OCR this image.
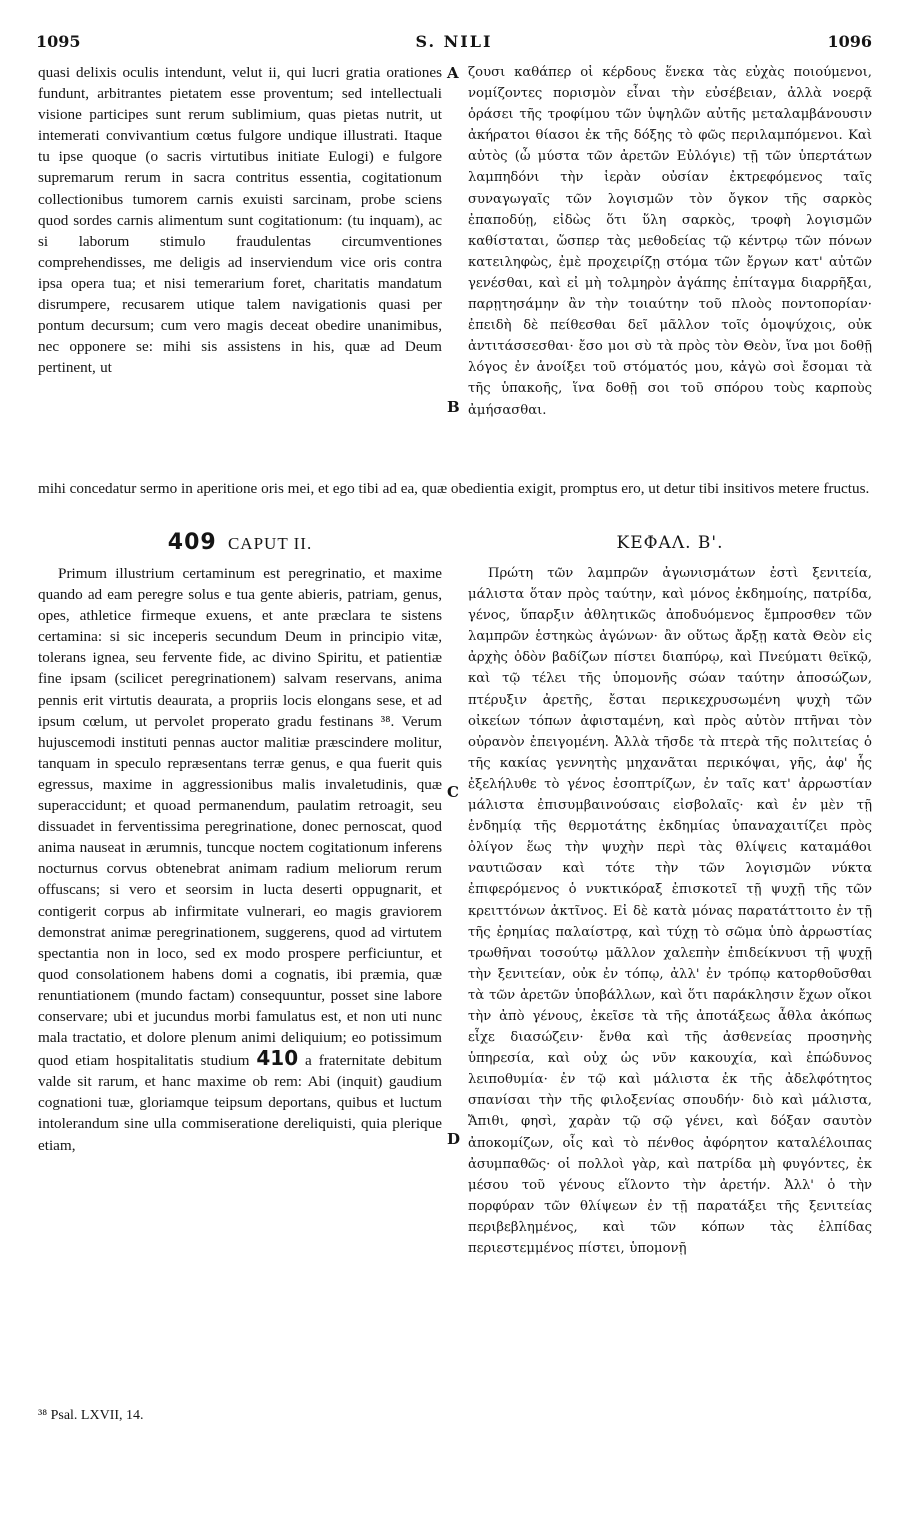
1095	S. NILI	1096

quasi delixis oculis intendunt, velut ii, qui lucri gratia orationes fundunt, arbitrantes pietatem esse proventum; sed intellectuali visione participes sunt rerum sublimium, quas pietas nutrit, ut intemerati convivantium cœtus fulgore undique illustrati. Itaque tu ipse quoque (o sacris virtutibus initiate Eulogi) e fulgore supremarum rerum in sacra contritus essentia, cogitationum collectionibus tumorem carnis exuisti sarcinam, probe sciens quod sordes carnis alimentum sunt cogitationum: (tu inquam), ac si laborum stimulo fraudulentas circumventiones comprehendisses, me deligis ad inserviendum vice oris contra ipsa opera tua; et nisi temerarium foret, charitatis mandatum disrumpere, recusarem utique talem navigationis quasi per pontum decursum; cum vero magis deceat obedire unanimibus, nec opponere se: mihi sis assistens in his, quæ ad Deum pertinent, ut

ζουσι καθάπερ οἱ κέρδους ἕνεκα τὰς εὐχὰς ποιούμενοι, νομίζοντες πορισμὸν εἶναι τὴν εὐσέβειαν, ἀλλὰ νοερᾷ ὁράσει τῆς τροφίμου τῶν ὑψηλῶν αὐτῆς μεταλαμβάνουσιν ἀκήρατοι θίασοι ἐκ τῆς δόξης τὸ φῶς περιλαμπόμενοι. Καὶ αὐτὸς (ὦ μύστα τῶν ἀρετῶν Εὐλόγιε) τῇ τῶν ὑπερτάτων λαμπηδόνι τὴν ἱερὰν οὐσίαν ἐκτρεφόμενος ταῖς συναγωγαῖς τῶν λογισμῶν τὸν ὄγκον τῆς σαρκὸς ἐπαποδύῃ, εἰδὼς ὅτι ὕλη σαρκὸς, τροφὴ λογισμῶν καθίσταται, ὥσπερ τὰς μεθοδείας τῷ κέντρῳ τῶν πόνων κατειληφὼς, ἐμὲ προχειρίζῃ στόμα τῶν ἔργων κατ' αὐτῶν γενέσθαι, καὶ εἰ μὴ τολμηρὸν ἀγάπης ἐπίταγμα διαρρῆξαι, παρῃτησάμην ἂν τὴν τοιαύτην τοῦ πλοὸς ποντοπορίαν· ἐπειδὴ δὲ πείθεσθαι δεῖ μᾶλλον τοῖς ὁμοψύχοις, οὐκ ἀντιτάσσεσθαι· ἔσο μοι σὺ τὰ πρὸς τὸν Θεὸν, ἵνα μοι δοθῇ λόγος ἐν ἀνοίξει τοῦ στόματός μου, κἀγὼ σοὶ ἔσομαι τὰ τῆς ὑπακοῆς, ἵνα δοθῇ σοι τοῦ σπόρου τοὺς καρποὺς ἀμήσασθαι.

A
B
C
D
mihi concedatur sermo in aperitione oris mei, et ego tibi ad ea, quæ obedientia exigit, promptus ero, ut detur tibi insitivos metere fructus.
409 CAPUT II.	ΚΕΦΑΛ. Β'.

Primum illustrium certaminum est peregrinatio, et maxime quando ad eam peregre solus e tua gente abieris, patriam, genus, opes, athletice firmeque exuens, et ante præclara te sistens certamina: si sic inceperis secundum Deum in principio vitæ, tolerans ignea, seu fervente fide, ac divino Spiritu, et patientiæ fine ipsam (scilicet peregrinationem) salvam reservans, anima pennis erit virtutis deaurata, a propriis locis elongans sese, et ad ipsum cœlum, ut pervolet properato gradu festinans ³⁸. Verum hujuscemodi instituti pennas auctor malitiæ præscindere molitur, tanquam in speculo repræsentans terræ genus, e qua fuerit quis egressus, maxime in aggressionibus malis invaletudinis, quæ superaccidunt; et quoad permanendum, paulatim retroagit, seu dissuadet in ferventissima peregrinatione, donec pernoscat, quod anima nauseat in ærumnis, tuncque noctem cogitationum inferens nocturnus corvus obtenebrat animam radium meliorum rerum offuscans; si vero et seorsim in lucta deserti oppugnarit, et contigerit corpus ab infirmitate vulnerari, eo magis graviorem demonstrat animæ peregrinationem, suggerens, quod ad virtutem spectantia non in loco, sed ex modo prospere perficiuntur, et quod consolationem habens domi a cognatis, ibi præmia, quæ renuntiationem (mundo factam) consequuntur, posset sine labore conservare; ubi et jucundus morbi famulatus est, et non uti nunc mala tractatio, et dolore plenum animi deliquium; eo potissimum quod etiam hospitalitatis studium 410 a fraternitate debitum valde sit rarum, et hanc maxime ob rem: Abi (inquit) gaudium cognationi tuæ, gloriamque teipsum deportans, quibus et luctum intolerandum sine ulla commiseratione dereliquisti, quia plerique etiam,

Πρώτη τῶν λαμπρῶν ἀγωνισμάτων ἐστὶ ξενιτεία, μάλιστα ὅταν πρὸς ταύτην, καὶ μόνος ἐκδημοίης, πατρίδα, γένος, ὕπαρξιν ἀθλητικῶς ἀποδυόμενος ἔμπροσθεν τῶν λαμπρῶν ἑστηκὼς ἀγώνων· ἂν οὕτως ἄρξῃ κατὰ Θεὸν εἰς ἀρχὴς ὁδὸν βαδίζων πίστει διαπύρῳ, καὶ Πνεύματι θεϊκῷ, καὶ τῷ τέλει τῆς ὑπομονῆς σώαν ταύτην ἀποσώζων, πτέρυξιν ἀρετῆς, ἔσται περικεχρυσωμένη ψυχὴ τῶν οἰκείων τόπων ἀφισταμένη, καὶ πρὸς αὐτὸν πτῆναι τὸν οὐρανὸν ἐπειγομένη. Ἀλλὰ τῆσδε τὰ πτερὰ τῆς πολιτείας ὁ τῆς κακίας γεννητὴς μηχανᾶται περικόψαι, γῆς, ἀφ' ἧς ἐξελήλυθε τὸ γένος ἐσοπτρίζων, ἐν ταῖς κατ' ἀρρωστίαν μάλιστα ἐπισυμβαινούσαις εἰσβολαῖς· καὶ ἐν μὲν τῇ ἐνδημίᾳ τῆς θερμοτάτης ἐκδημίας ὑπαναχαιτίζει πρὸς ὀλίγον ἕως τὴν ψυχὴν περὶ τὰς θλίψεις καταμάθοι ναυτιῶσαν καὶ τότε τὴν τῶν λογισμῶν νύκτα ἐπιφερόμενος ὁ νυκτικόραξ ἐπισκοτεῖ τῇ ψυχῇ τῆς τῶν κρειττόνων ἀκτῖνος. Εἰ δὲ κατὰ μόνας παρατάττοιτο ἐν τῇ τῆς ἐρημίας παλαίστρᾳ, καὶ τύχῃ τὸ σῶμα ὑπὸ ἀρρωστίας τρωθῆναι τοσούτῳ μᾶλλον χαλεπὴν ἐπιδείκνυσι τῇ ψυχῇ τὴν ξενιτείαν, οὐκ ἐν τόπῳ, ἀλλ' ἐν τρόπῳ κατορθοῦσθαι τὰ τῶν ἀρετῶν ὑποβάλλων, καὶ ὅτι παράκλησιν ἔχων οἴκοι τὴν ἀπὸ γένους, ἐκεῖσε τὰ τῆς ἀποτάξεως ἆθλα ἀκόπως εἶχε διασώζειν· ἔνθα καὶ τῆς ἀσθενείας προσηνὴς ὑπηρεσία, καὶ οὐχ ὡς νῦν κακουχία, καὶ ἐπώδυνος λειποθυμία· ἐν τῷ καὶ μάλιστα ἐκ τῆς ἀδελφότητος σπανίσαι τὴν τῆς φιλοξενίας σπουδήν· διὸ καὶ μάλιστα, Ἄπιθι, φησὶ, χαρὰν τῷ σῷ γένει, καὶ δόξαν σαυτὸν ἀποκομίζων, οἷς καὶ τὸ πένθος ἀφόρητον καταλέλοιπας ἀσυμπαθῶς· οἱ πολλοὶ γὰρ, καὶ πατρίδα μὴ φυγόντες, ἐκ μέσου τοῦ γένους εἵλοντο τὴν ἀρετήν. Ἀλλ' ὁ τὴν πορφύραν τῶν θλίψεων ἐν τῇ παρατάξει τῆς ξενιτείας περιβεβλημένος, καὶ τῶν κόπων τὰς ἐλπίδας περιεστεμμένος πίστει, ὑπομονῇ

³⁸ Psal. LXVII, 14.
